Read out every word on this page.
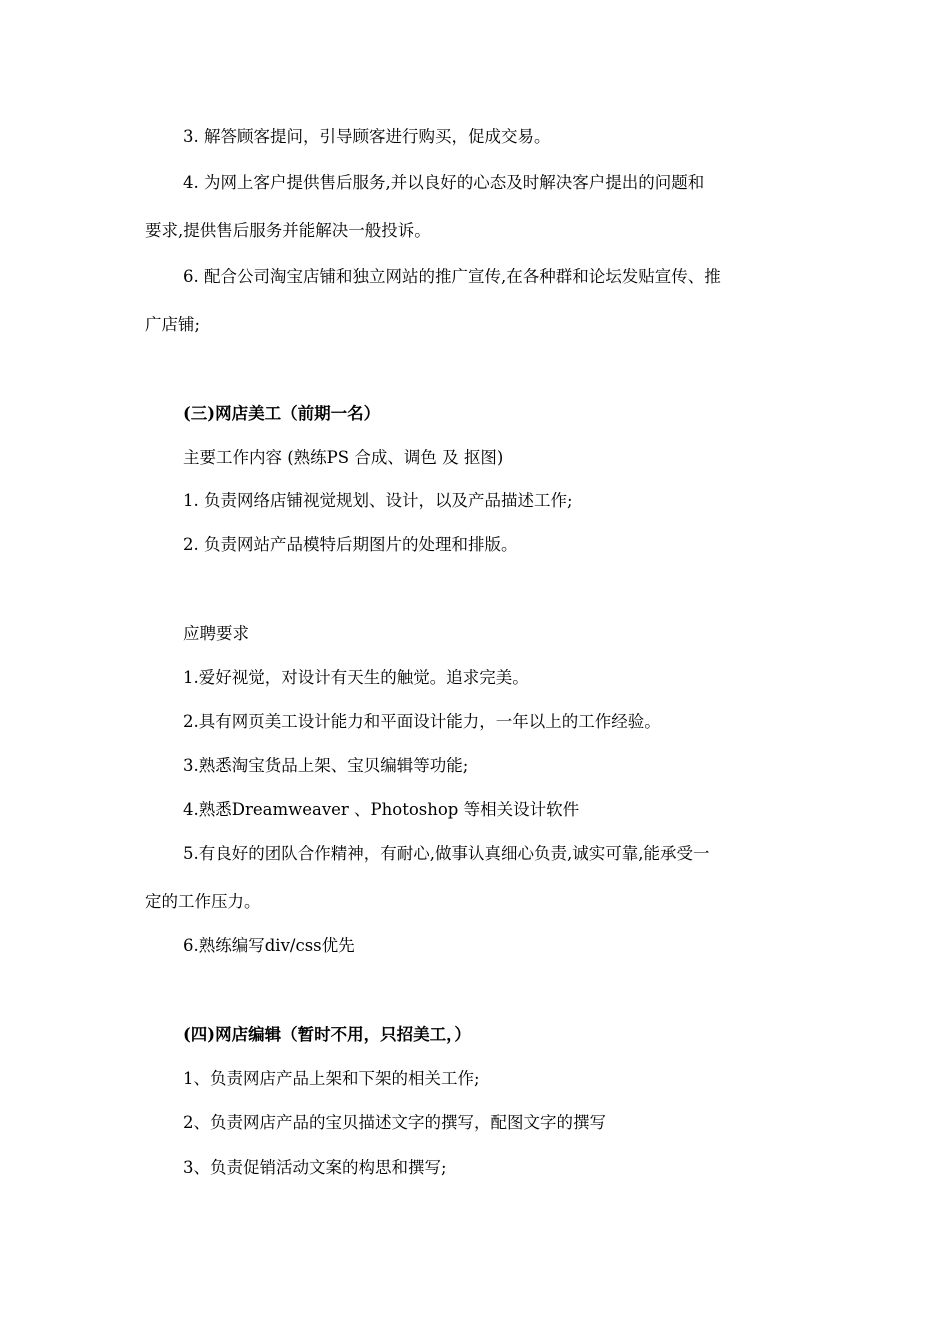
3. 解答顾客提问，引导顾客进行购买，促成交易。
4. 为网上客户提供售后服务,并以良好的心态及时解决客户提出的问题和
要求,提供售后服务并能解决一般投诉。
6. 配合公司淘宝店铺和独立网站的推广宣传,在各种群和论坛发贴宣传、推
广店铺;
(三)网店美工（前期一名）
主要工作内容 (熟练PS 合成、调色 及 抠图)
1. 负责网络店铺视觉规划、设计，以及产品描述工作;
2. 负责网站产品模特后期图片的处理和排版。
应聘要求
1.爱好视觉，对设计有天生的触觉。追求完美。
2.具有网页美工设计能力和平面设计能力，一年以上的工作经验。
3.熟悉淘宝货品上架、宝贝编辑等功能;
4.熟悉Dreamweaver 、Photoshop 等相关设计软件
5.有良好的团队合作精神，有耐心,做事认真细心负责,诚实可靠,能承受一
定的工作压力。
6.熟练编写div/css优先
(四)网店编辑（暂时不用，只招美工，）
1、负责网店产品上架和下架的相关工作;
2、负责网店产品的宝贝描述文字的撰写，配图文字的撰写
3、负责促销活动文案的构思和撰写;
